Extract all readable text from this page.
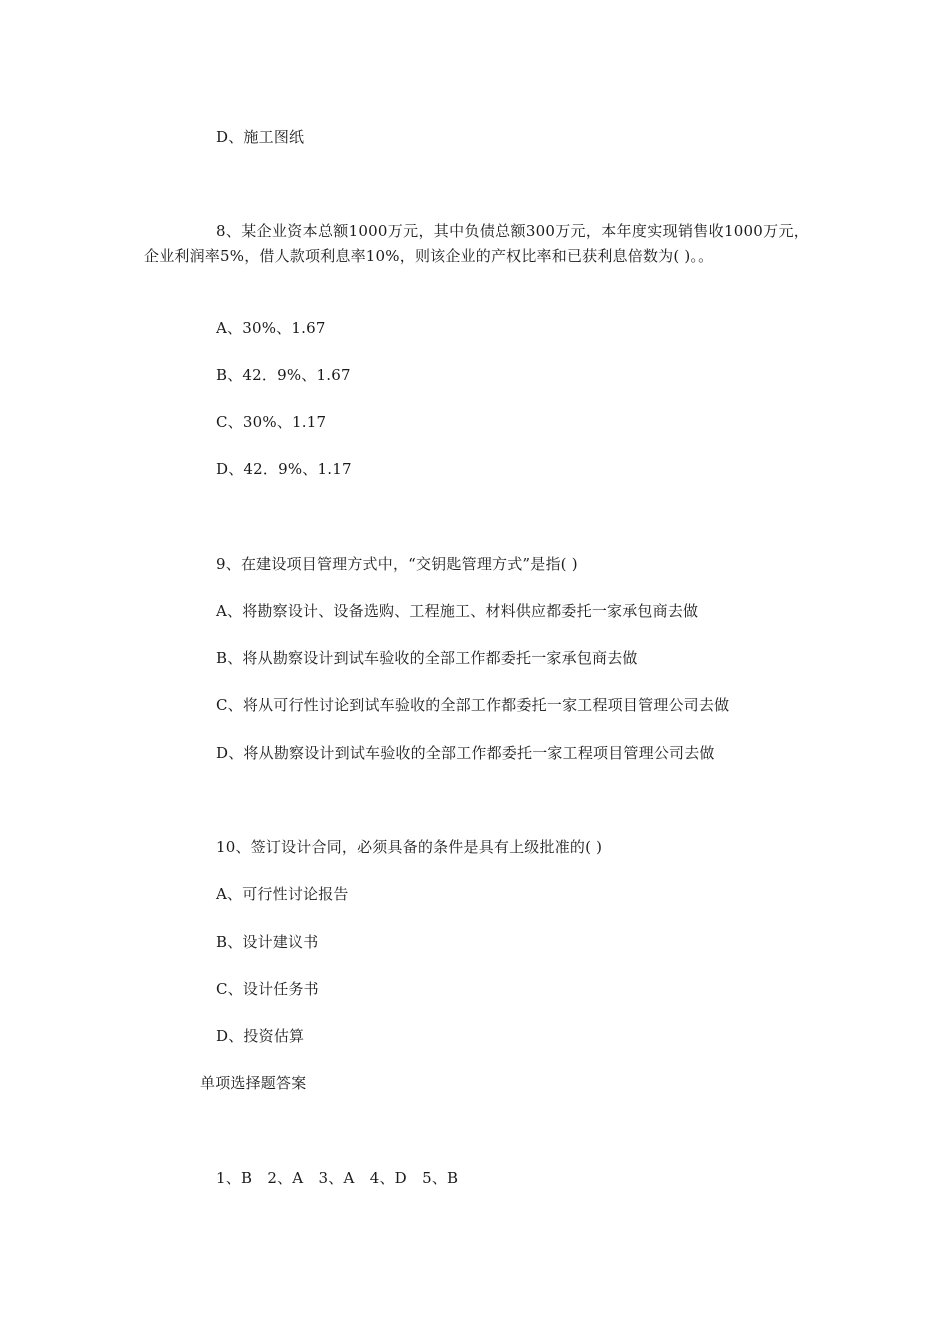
D、施工图纸
8、某企业资本总额1000万元，其中负债总额300万元，本年度实现销售收1000万元，企业利润率5%，借人款项利息率10%，则该企业的产权比率和已获利息倍数为( )。。
A、30%、1.67
B、42．9%、1.67
C、30%、1.17
D、42．9%、1.17
9、在建设项目管理方式中，“交钥匙管理方式”是指( )
A、将勘察设计、设备选购、工程施工、材料供应都委托一家承包商去做
B、将从勘察设计到试车验收的全部工作都委托一家承包商去做
C、将从可行性讨论到试车验收的全部工作都委托一家工程项目管理公司去做
D、将从勘察设计到试车验收的全部工作都委托一家工程项目管理公司去做
10、签订设计合同，必须具备的条件是具有上级批准的( )
A、可行性讨论报告
B、设计建议书
C、设计任务书
D、投资估算
单项选择题答案
1、B　2、A　3、A　4、D　5、B
